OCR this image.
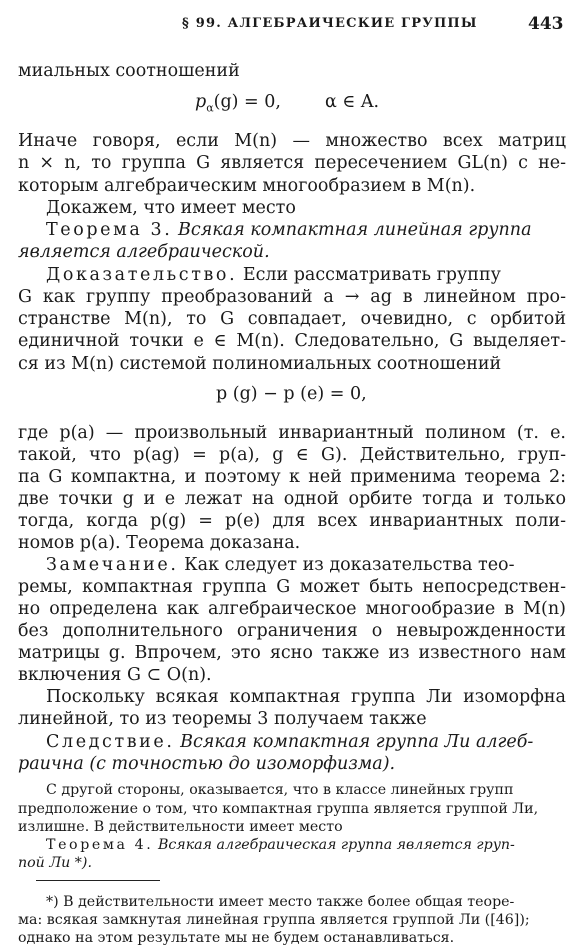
§ 99. АЛГЕБРАИЧЕСКИЕ ГРУППЫ	443
миальных соотношений
$p_\alpha(g) = 0$,	α ∈ A.
Иначе говоря, если M(n) — множество всех матриц
n × n, то группа G является пересечением GL(n) с не-
которым алгебраическим многообразием в M(n).
Докажем, что имеет место
Теорема 3. Всякая компактная линейная группа
является алгебраической.
Доказательство. Если рассматривать группу
G как группу преобразований a → ag в линейном про-
странстве M(n), то G совпадает, очевидно, с орбитой
единичной точки e ∈ M(n). Следовательно, G выделяет-
ся из M(n) системой полиномиальных соотношений
p (g) − p (e) = 0,
где p(a) — произвольный инвариантный полином (т. е.
такой, что p(ag) = p(a), g ∈ G). Действительно, груп-
па G компактна, и поэтому к ней применима теорема 2:
две точки g и e лежат на одной орбите тогда и только
тогда, когда p(g) = p(e) для всех инвариантных поли-
номов p(a). Теорема доказана.
Замечание. Как следует из доказательства тео-
ремы, компактная группа G может быть непосредствен-
но определена как алгебраическое многообразие в M(n)
без дополнительного ограничения о невырожденности
матрицы g. Впрочем, это ясно также из известного нам
включения G ⊂ O(n).
Поскольку всякая компактная группа Ли изоморфна
линейной, то из теоремы 3 получаем также
Следствие. Всякая компактная группа Ли алгеб-
раична (с точностью до изоморфизма).
С другой стороны, оказывается, что в классе линейных групп
предположение о том, что компактная группа является группой Ли,
излишне. В действительности имеет место
Теорема 4. Всякая алгебраическая группа является груп-
пой Ли *).
*) В действительности имеет место также более общая теоре-
ма: всякая замкнутая линейная группа является группой Ли ([46]);
однако на этом результате мы не будем останавливаться.
